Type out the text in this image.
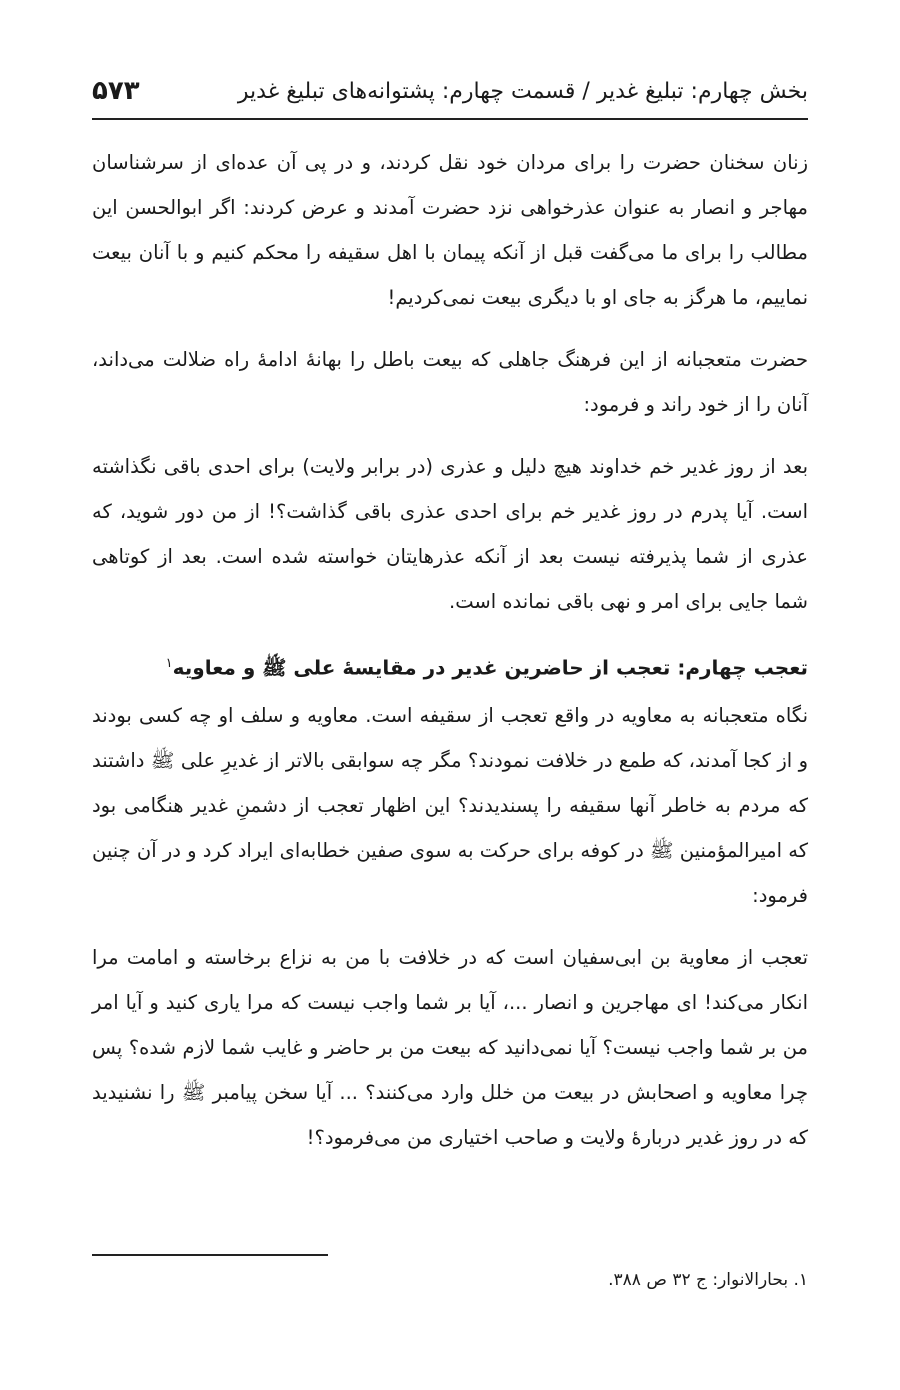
بخش چهارم: تبلیغ غدیر / قسمت چهارم: پشتوانه‌های تبلیغ غدیر
۵۷۳

زنان سخنان حضرت را برای مردان خود نقل کردند، و در پی آن عده‌ای از سرشناسان مهاجر و انصار به عنوان عذرخواهی نزد حضرت آمدند و عرض کردند: اگر ابوالحسن این مطالب را برای ما می‌گفت قبل از آنکه پیمان با اهل سقیفه را محکم کنیم و با آنان بیعت نماییم، ما هرگز به جای او با دیگری بیعت نمی‌کردیم!

حضرت متعجبانه از این فرهنگ جاهلی که بیعت باطل را بهانهٔ ادامهٔ راه ضلالت می‌داند، آنان را از خود راند و فرمود:

بعد از روز غدیر خم خداوند هیچ دلیل و عذری (در برابر ولایت) برای احدی باقی نگذاشته است. آیا پدرم در روز غدیر خم برای احدی عذری باقی گذاشت؟! از من دور شوید، که عذری از شما پذیرفته نیست بعد از آنکه عذرهایتان خواسته شده است. بعد از کوتاهی شما جایی برای امر و نهی باقی نمانده است.

تعجب چهارم: تعجب از حاضرین غدیر در مقایسهٔ علی ﷺ و معاویه$^۱$

نگاه متعجبانه به معاویه در واقع تعجب از سقیفه است. معاویه و سلف او چه کسی بودند و از کجا آمدند، که طمع در خلافت نمودند؟ مگر چه سوابقی بالاتر از غدیرِ علی ﷺ داشتند که مردم به خاطر آنها سقیفه را پسندیدند؟ این اظهار تعجب از دشمنِ غدیر هنگامی بود که امیرالمؤمنین ﷺ در کوفه برای حرکت به سوی صفین خطابه‌ای ایراد کرد و در آن چنین فرمود:

تعجب از معاویة بن ابی‌سفیان است که در خلافت با من به نزاع برخاسته و امامت مرا انکار می‌کند! ای مهاجرین و انصار ...، آیا بر شما واجب نیست که مرا یاری کنید و آیا امر من بر شما واجب نیست؟ آیا نمی‌دانید که بیعت من بر حاضر و غایب شما لازم شده؟ پس چرا معاویه و اصحابش در بیعت من خلل وارد می‌کنند؟ ... آیا سخن پیامبر ﷺ را نشنیدید که در روز غدیر دربارهٔ ولایت و صاحب اختیاری من می‌فرمود؟!

۱. بحارالانوار: ج ۳۲ ص ۳۸۸.
